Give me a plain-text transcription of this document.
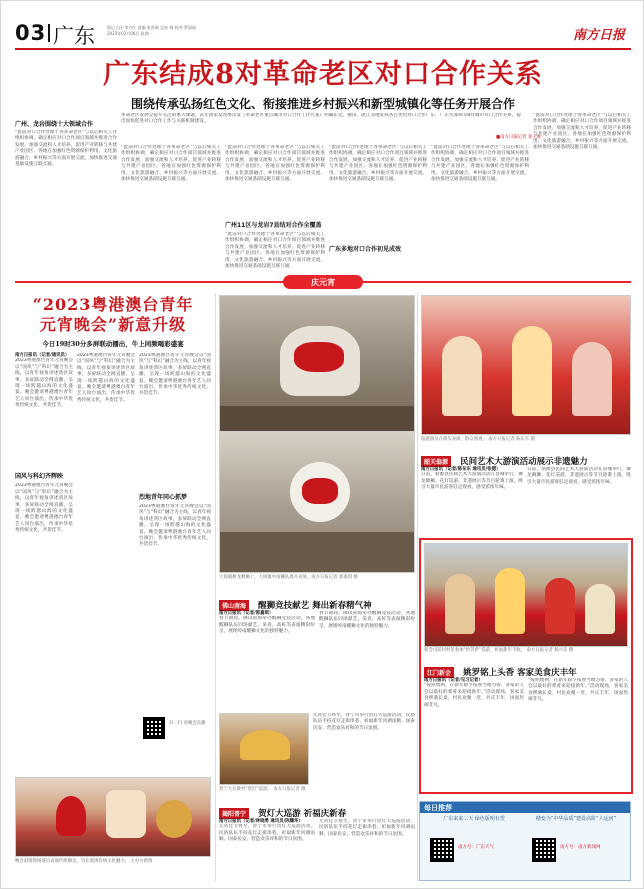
03 广东	版记主任·李丹红 责编·张晋新 总检 杨 校对·罗丽丽
2023年02月06日 星期一	南方日报
广东结成8对革命老区对口合作关系
围绕传承弘扬红色文化、衔接推进乡村振兴和新型城镇化等任务开展合作
革命老区发展是提升关注的重大课题，去年国家发改委印发《革命老区重点城市对口合作工作方案》明确东莞、佛山、湛江等地发挥各自优势对口合作广东、广东至深圳等8对城市对口合作关系，提出加快促进对口合作工作与关联机制建设。
■南方日报记者 张子俊
广州、龙岩围绕十大领域合作
“此前对口合作处理于各革命老区”与以后相关工作组织协调，确定相应对口合作项目领域并推进合作发展，加强交流和人才培养，促进产业转移与共建产业园区。各地在加强红色资源保护利用、文化旅游融合、乡村振兴等方面开展交流，加快推进交通基础设施互联互通。
“此前对口合作处理于各革命老区”与以后相关工作组织协调，确定相应对口合作项目领域并推进合作发展，加强交流和人才培养，促进产业转移与共建产业园区。各地在加强红色资源保护利用、文化旅游融合、乡村振兴等方面开展交流，加快推进交通基础设施互联互通。
“此前对口合作处理于各革命老区”与以后相关工作组织协调，确定相应对口合作项目领域并推进合作发展，加强交流和人才培养，促进产业转移与共建产业园区。各地在加强红色资源保护利用、文化旅游融合、乡村振兴等方面开展交流，加快推进交通基础设施互联互通。
广州11区与龙岩7县结对合作全覆盖
“此前对口合作处理于各革命老区”与以后相关工作组织协调，确定相应对口合作项目领域并推进合作发展，加强交流和人才培养，促进产业转移与共建产业园区。各地在加强红色资源保护利用、文化旅游融合、乡村振兴等方面开展交流，加快推进交通基础设施互联互通。
“此前对口合作处理于各革命老区”与以后相关工作组织协调，确定相应对口合作项目领域并推进合作发展，加强交流和人才培养，促进产业转移与共建产业园区。各地在加强红色资源保护利用、文化旅游融合、乡村振兴等方面开展交流，加快推进交通基础设施互联互通。
广东多地对口合作初见成效
“此前对口合作处理于各革命老区”与以后相关工作组织协调，确定相应对口合作项目领域并推进合作发展，加强交流和人才培养，促进产业转移与共建产业园区。各地在加强红色资源保护利用、文化旅游融合、乡村振兴等方面开展交流，加快推进交通基础设施互联互通。
“此前对口合作处理于各革命老区”与以后相关工作组织协调，确定相应对口合作项目领域并推进合作发展，加强交流和人才培养，促进产业转移与共建产业园区。各地在加强红色资源保护利用、文化旅游融合、乡村振兴等方面开展交流，加快推进交通基础设施互联互通。
庆元宵
“2023粤港澳台青年
元宵晚会”新意升级
今日19时30分多屏联动播出，牛上同频喝彩盛宴
南方日报讯（记者/通讯员）
2023粤港澳台青年元宵晚会以“国风”与“科幻”融合为主线，以青年视角讲述湾区故事，多屏联动全网直播，呈现一场跨越山海的文化盛宴。晚会邀请粤港澳台青年艺人同台演出，传承中华优秀传统文化，共贺佳节。
国风与科幻齐辉映
2023粤港澳台青年元宵晚会以“国风”与“科幻”融合为主线，以青年视角讲述湾区故事，多屏联动全网直播，呈现一场跨越山海的文化盛宴。晚会邀请粤港澳台青年艺人同台演出，传承中华优秀传统文化，共贺佳节。
2023粤港澳台青年元宵晚会以“国风”与“科幻”融合为主线，以青年视角讲述湾区故事，多屏联动全网直播，呈现一场跨越山海的文化盛宴。晚会邀请粤港澳台青年艺人同台演出，传承中华优秀传统文化，共贺佳节。
2023粤港澳台青年元宵晚会以“国风”与“科幻”融合为主线，以青年视角讲述湾区故事，多屏联动全网直播，呈现一场跨越山海的文化盛宴。晚会邀请粤港澳台青年艺人同台演出，传承中华优秀传统文化，共贺佳节。
烈地青年同心抓梦
2023粤港澳台青年元宵晚会以“国风”与“科幻”融合为主线，以青年视角讲述湾区故事，多屏联动全网直播，呈现一场跨越山海的文化盛宴。晚会邀请粤港澳台青年艺人同台演出，传承中华优秀传统文化，共贺佳节。
扫一扫 看晚会直播
晚会彩排现场演员表演传统舞龙，旨在展现传统文化魅力。 主办方供图
巡游演员在街头表演，群众围观。 南方日报记者 陈东东 摄
韶关翁源 民间艺术大游演活动展示非遗魅力
南方日报讯（记者/陈东东 通讯员/张德）
日前，翁源县民间艺术大游演活动在县城举行，舞龙舞狮、花灯巡游、非遗展示等节目轮番上演，吸引大量市民游客驻足观看，感受浓浓年味。
日前，翁源县民间艺术大游演活动在县城举行，舞龙舞狮、花灯巡游、非遗展示等节目轮番上演，吸引大量市民游客驻足观看，感受浓浓年味。
大岗镇舞龙舞狮上，大岗镇中南狮队展开表演。南方日报记者 郭嘉琪 摄
佛山南海 醒狮竞技献艺 舞出新春精气神
南方日报讯（记者/郭嘉琪）
春节期间，佛山南海举办醒狮竞技活动，各地醒狮队伍同场献艺，采青、高桩等表演精彩纷呈，展现岭南醒狮文化的独特魅力。
春节期间，佛山南海举办醒狮竞技活动，各地醒狮队伍同场献艺，采青、高桩等表演精彩纷呈，展现岭南醒狮文化的独特魅力。
普宁大长陇村“贺灯”巡游。 南方日报记者 摄
揭阳普宁 贺灯大巡游 祈福庆新春
元宵佳节将至，普宁市举行贺灯大巡游活动，民俗队伍手持花灯走街串巷，祈福新年风调雨顺、国泰民安，营造欢乐祥和的节日氛围。
南方日报讯（记者/林晓勇 通讯员/陈耀华）
元宵佳节将至，普宁市举行贺灯大巡游活动，民俗队伍手持花灯走街串巷，祈福新年风调雨顺、国泰民安，营造欢乐祥和的节日氛围。
元宵佳节将至，普宁市举行贺灯大巡游活动，民俗队伍手持花灯走街串巷，祈福新年风调雨顺、国泰民安，营造欢乐祥和的节日氛围。
新会司前村村民参加“抬菩萨”巡游，祈福新年丰收。 南方日报记者 杨兴乐 摄
江门新会 姚罗铭上头香 客家美食庆丰年
南方日报讯（记者/见习记者）
“按照惯例，在新年除夕按照当地习俗，客家的人会以最好的菜肴来迎接新年。”活动现场，客家美食摆满长桌，村民欢聚一堂，共庆丰年，场面热闹非凡。
“按照惯例，在新年除夕按照当地习俗，客家的人会以最好的菜肴来迎接新年。”活动现场，客家美食摆满长桌，村民欢聚一堂，共庆丰年，场面热闹非凡。
每日推荐
广东来来三天 绿色版明有望	精变为“中华品质”建设高阶“大运河”
南方号：广东天气	南方号：南方新闻网
